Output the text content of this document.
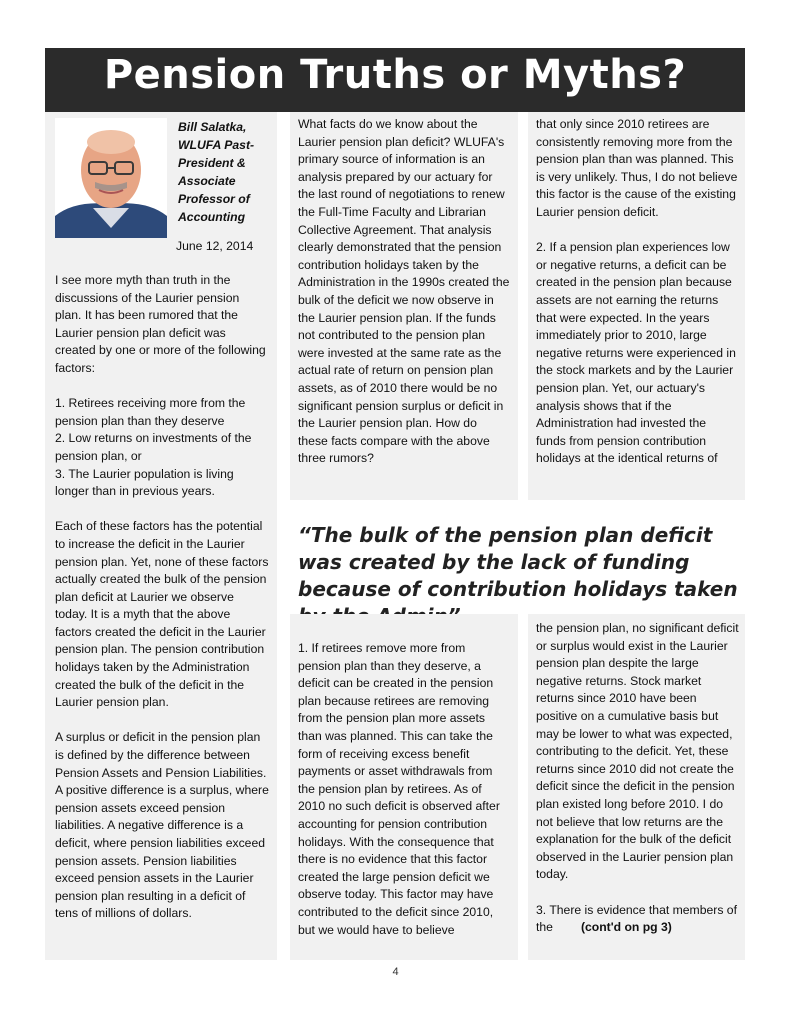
Pension Truths or Myths?
Bill Salatka, WLUFA Past-President & Associate Professor of Accounting
June 12, 2014

I see more myth than truth in the discussions of the Laurier pension plan. It has been rumored that the Laurier pension plan deficit was created by one or more of the following factors:

1. Retirees receiving more from the pension plan than they deserve

2. Low returns on investments of the pension plan, or

3. The Laurier population is living longer than in previous years.

Each of these factors has the potential to increase the deficit in the Laurier pension plan. Yet, none of these factors actually created the bulk of the pension plan deficit at Laurier we observe today. It is a myth that the above factors created the deficit in the Laurier pension plan. The pension contribution holidays taken by the Administration created the bulk of the deficit in the Laurier pension plan.

A surplus or deficit in the pension plan is defined by the difference between Pension Assets and Pension Liabilities. A positive difference is a surplus, where pension assets exceed pension liabilities. A negative difference is a deficit, where pension liabilities exceed pension assets. Pension liabilities exceed pension assets in the Laurier pension plan resulting in a deficit of tens of millions of dollars.

What facts do we know about the Laurier pension plan deficit? WLUFA's primary source of information is an analysis prepared by our actuary for the last round of negotiations to renew the Full-Time Faculty and Librarian Collective Agreement. That analysis clearly demonstrated that the pension contribution holidays taken by the Administration in the 1990s created the bulk of the deficit we now observe in the Laurier pension plan. If the funds not contributed to the pension plan were invested at the same rate as the actual rate of return on pension plan assets, as of 2010 there would be no significant pension surplus or deficit in the Laurier pension plan. How do these facts compare with the above three rumors?

that only since 2010 retirees are consistently removing more from the pension plan than was planned. This is very unlikely. Thus, I do not believe this factor is the cause of the existing Laurier pension deficit.

2. If a pension plan experiences low or negative returns, a deficit can be created in the pension plan because assets are not earning the returns that were expected. In the years immediately prior to 2010, large negative returns were experienced in the stock markets and by the Laurier pension plan. Yet, our actuary's analysis shows that if the Administration had invested the funds from pension contribution holidays at the identical returns of

“The bulk of the pension plan deficit was created by the lack of funding because of contribution holidays taken

1. If retirees remove more from pension plan than they deserve, a deficit can be created in the pension plan because retirees are removing from the pension plan more assets than was planned. This can take the form of receiving excess benefit payments or asset withdrawals from the pension plan by retirees. As of 2010 no such deficit is observed after accounting for pension contribution holidays. With the consequence that there is no evidence that this factor created the large pension deficit we observe today. This factor may have contributed to the deficit since 2010, but we would have to believe

the pension plan, no significant deficit or surplus would exist in the Laurier pension plan despite the large negative returns. Stock market returns since 2010 have been positive on a cumulative basis but may be lower to what was expected, contributing to the deficit. Yet, these returns since 2010 did not create the deficit since the deficit in the pension plan existed long before 2010. I do not believe that low returns are the explanation for the bulk of the deficit observed in the Laurier pension plan today.

3. There is evidence that members of the (cont'd on pg 3)

4
